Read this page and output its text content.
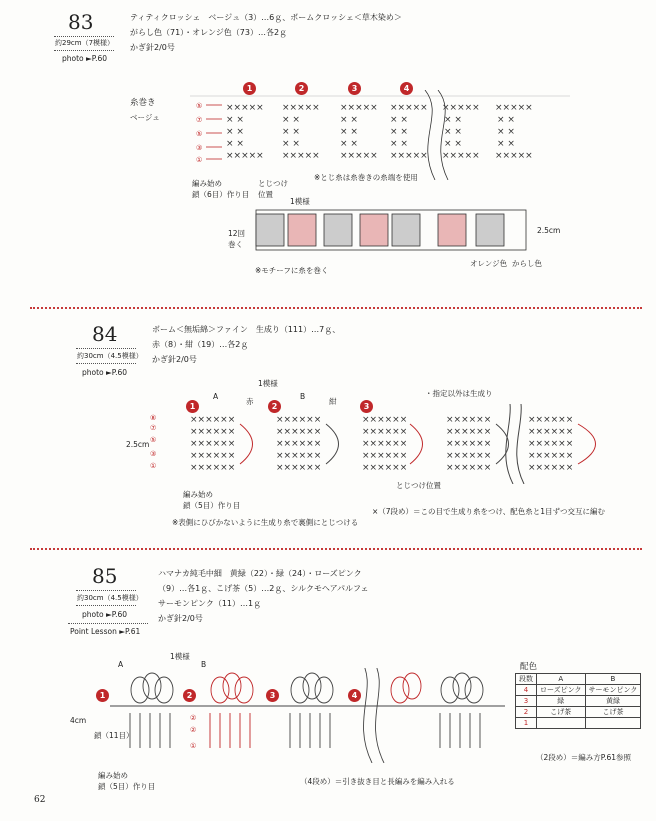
83
約29cm（7模様）
photo ►P.60
ティティクロッシェ　ベージュ（3）…6ｇ、ボームクロッシェ＜草木染め＞
がらし色（71）・オレンジ色（73）…各2ｇ
かぎ針2/0号
糸巻き
ベージュ
1	2	3	4
×××××
× ×
× ×
× ×
×××××
×××××
× ×
× ×
× ×
×××××
×××××
× ×
× ×
× ×
×××××
×××××
× ×
× ×
× ×
×××××
×××××
× ×
× ×
× ×
×××××
×××××
× ×
× ×
× ×
×××××
⑤
⑦
⑤
③
①
編み始め
鎖（6目）作り目
とじつけ
位置
※とじ糸は糸巻きの糸端を使用
1模様
12回
巻く
2.5cm
オレンジ色 からし色
※モチーフに糸を巻く
84
約30cm（4.5模様）
photo ►P.60
ボーム＜無垢綿＞ファイン　生成り（111）…7ｇ、
赤（8）・紺（19）…各2ｇ
かぎ針2/0号
1模様
A	B
赤	紺
・指定以外は生成り
2.5cm
1	2	3
××××××
××××××
××××××
××××××
××××××
××××××
××××××
××××××
××××××
××××××
××××××
××××××
××××××
××××××
××××××
××××××
××××××
××××××
××××××
××××××
××××××
××××××
××××××
××××××
××××××
⑧
⑦
⑤
③
①
編み始め
鎖（5目）作り目
とじつけ位置
※表側にひびかないように生成り糸で裏側にとじつける
×（7段め）＝この目で生成り糸をつけ、配色糸と1目ずつ交互に編む
85
約30cm（4.5模様）
photo ►P.60
Point Lesson ►P.61
ハマナカ純毛中細　黄緑（22）・緑（24）・ローズピンク
（9）…各1ｇ、こげ茶（5）…2ｇ、シルクモヘアパルフェ
サーモンピンク（11）…1ｇ
かぎ針2/0号
1模様
A	B
4cm
鎖（11目）
1	2	3	4
②
②
①
編み始め
鎖（5目）作り目
配色
段数	A	B
4	ローズピンク	サーモンピンク
3	緑	黄緑
2	こげ茶	こげ茶
1		
（2段め）＝編み方P.61参照
（4段め）＝引き抜き目と長編みを編み入れる
62
